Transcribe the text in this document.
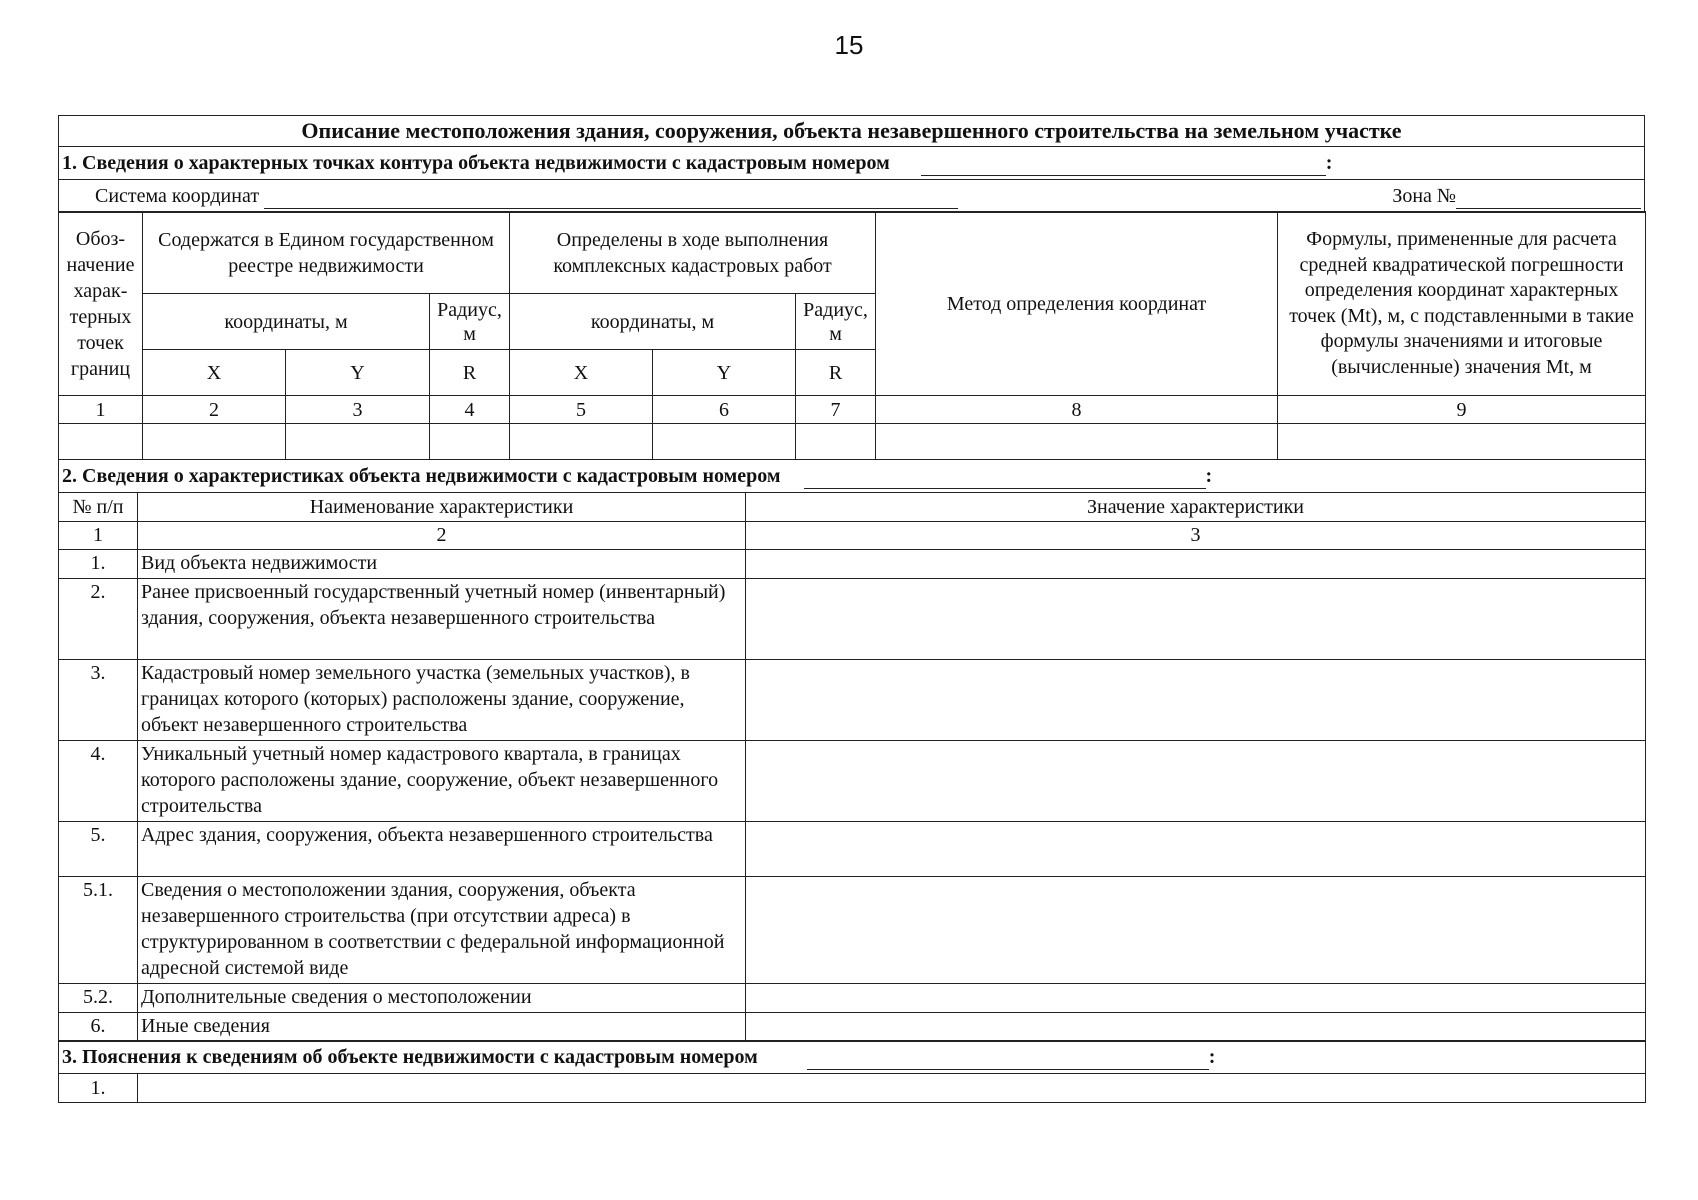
15
Описание местоположения здания, сооружения, объекта незавершенного строительства на земельном участке
1. Сведения о характерных точках контура объекта недвижимости с кадастровым номером	:
Система координат	Зона №
Обоз-начение харак-терных точек границ	Содержатся в Едином государственном реестре недвижимости			Определены в ходе выполнения комплексных кадастровых работ			Метод определения координат	Формулы, примененные для расчета средней квадратической погрешности определения координат характерных точек (Mt), м, с подставленными в такие формулы значениями и итоговые (вычисленные) значения Mt, м
	координаты, м		Радиус, м	координаты, м		Радиус, м		
	X	Y	R	X	Y	R		
1	2	3	4	5	6	7	8	9

2. Сведения о характеристиках объекта недвижимости с кадастровым номером :		
№ п/п	Наименование характеристики	Значение характеристики
1	2	3
1.	Вид объекта недвижимости	
2.	Ранее присвоенный государственный учетный номер (инвентарный) здания, сооружения, объекта незавершенного строительства	
3.	Кадастровый номер земельного участка (земельных участков), в границах которого (которых) расположены здание, сооружение, объект незавершенного строительства	
4.	Уникальный учетный номер кадастрового квартала, в границах которого расположены здание, сооружение, объект незавершенного строительства	
5.	Адрес здания, сооружения, объекта незавершенного строительства	
5.1.	Сведения о местоположении здания, сооружения, объекта незавершенного строительства (при отсутствии адреса) в структурированном в соответствии с федеральной информационной адресной системой виде	
5.2.	Дополнительные сведения о местоположении	
6.	Иные сведения	
3. Пояснения к сведениям об объекте недвижимости с кадастровым номером	:
1.	
